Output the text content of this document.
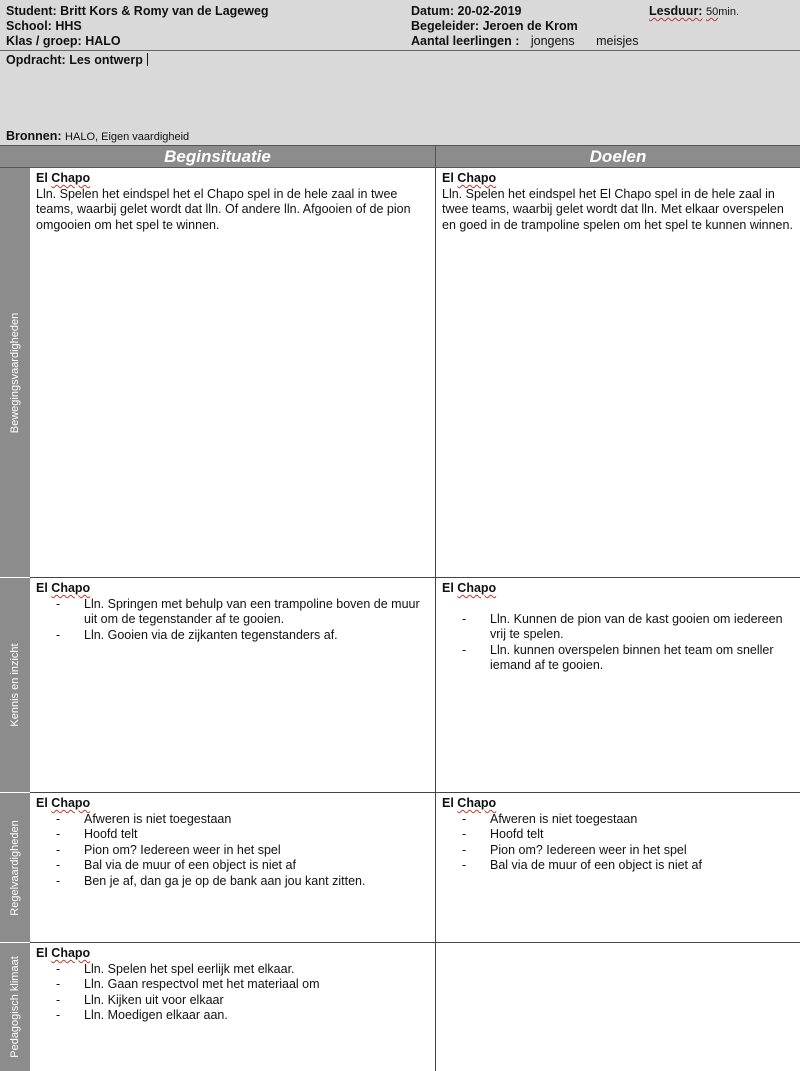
Student: Britt Kors & Romy van de Lageweg
School: HHS
Klas / groep: HALO
Datum: 20-02-2019
Begeleider: Jeroen de Krom
Aantal leerlingen : jongens meisjes
Lesduur: 50min.
Opdracht: Les ontwerp
Bronnen: HALO, Eigen vaardigheid
Beginsituatie	Doelen
Bewegingsvaardigheden
El Chapo

Lln. Spelen het eindspel het el Chapo spel in de hele zaal in twee teams, waarbij gelet wordt dat lln. Of andere lln. Afgooien of de pion omgooien om het spel te winnen.

El Chapo

Lln. Spelen het eindspel het El Chapo spel in de hele zaal in twee teams, waarbij gelet wordt dat lln. Met elkaar overspelen en goed in de trampoline spelen om het spel te kunnen winnen.

Kennis en inzicht
El Chapo
- Lln. Springen met behulp van een trampoline boven de muur uit om de tegenstander af te gooien.
- Lln. Gooien via de zijkanten tegenstanders af.
El Chapo
- Lln. Kunnen de pion van de kast gooien om iedereen vrij te spelen.
- Lln. kunnen overspelen binnen het team om sneller iemand af te gooien.
Regelvaardigheden
El Chapo
- Afweren is niet toegestaan
- Hoofd telt
- Pion om? Iedereen weer in het spel
- Bal via de muur of een object is niet af
- Ben je af, dan ga je op de bank aan jou kant zitten.
El Chapo
- Afweren is niet toegestaan
- Hoofd telt
- Pion om? Iedereen weer in het spel
- Bal via de muur of een object is niet af
Pedagogisch klimaat
El Chapo
- Lln. Spelen het spel eerlijk met elkaar.
- Lln. Gaan respectvol met het materiaal om
- Lln. Kijken uit voor elkaar
- Lln. Moedigen elkaar aan.
